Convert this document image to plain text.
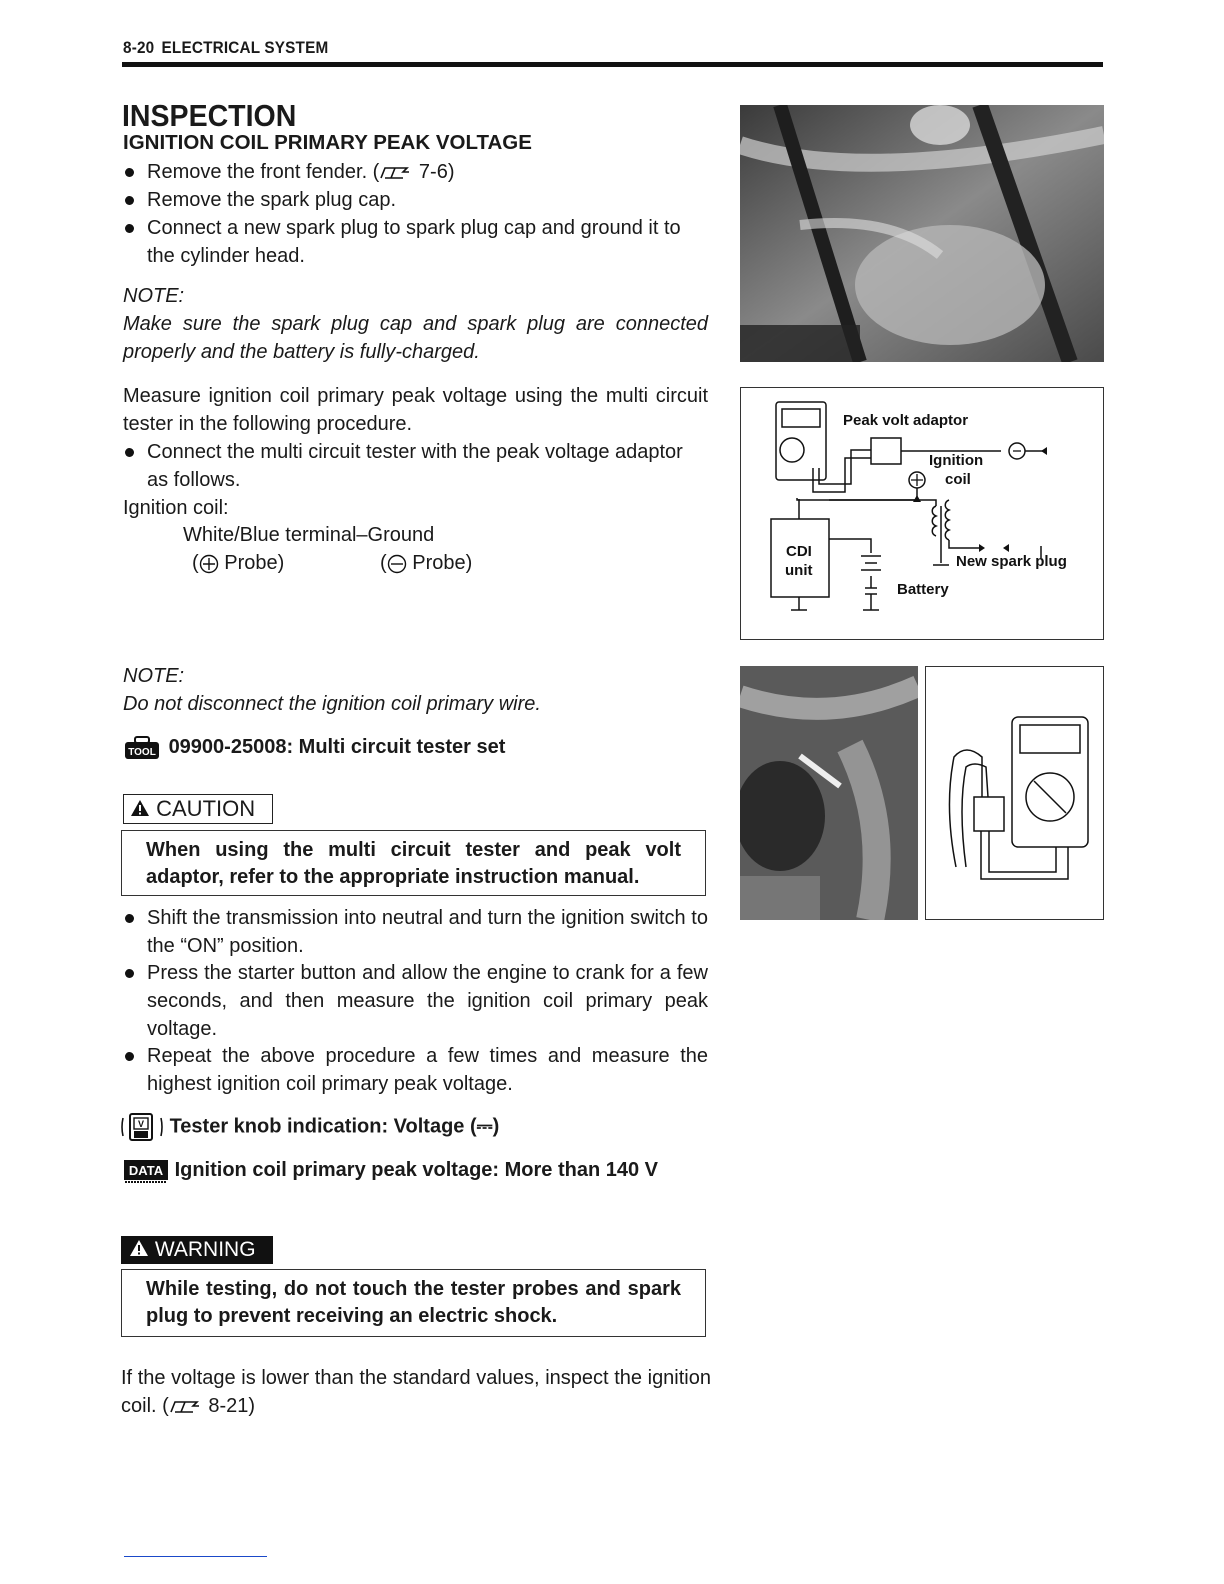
8-20 ELECTRICAL SYSTEM
INSPECTION
IGNITION COIL PRIMARY PEAK VOLTAGE
Remove the front fender. ( 7-6)
Remove the spark plug cap.
Connect a new spark plug to spark plug cap and ground it to the cylinder head.
NOTE:
Make sure the spark plug cap and spark plug are connected properly and the battery is fully-charged.
Measure ignition coil primary peak voltage using the multi circuit tester in the following procedure.
Connect the multi circuit tester with the peak voltage adaptor as follows.
Ignition coil:
White/Blue terminal–Ground
( Probe)	( Probe)
NOTE:
Do not disconnect the ignition coil primary wire.
TOOL 09900-25008: Multi circuit tester set
CAUTION
When using the multi circuit tester and peak volt adaptor, refer to the appropriate instruction manual.
Shift the transmission into neutral and turn the ignition switch to the “ON” position.
Press the starter button and allow the engine to crank for a few seconds, and then measure the ignition coil primary peak voltage.
Repeat the above procedure a few times and measure the highest ignition coil primary peak voltage.
V Tester knob indication: Voltage (⎓)
DATA Ignition coil primary peak voltage: More than 140 V
WARNING
While testing, do not touch the tester probes and spark plug to prevent receiving an electric shock.
If the voltage is lower than the standard values, inspect the ignition coil. ( 8-21)
Peak volt adaptor
Ignition
coil
CDI
unit
New spark plug
Battery
